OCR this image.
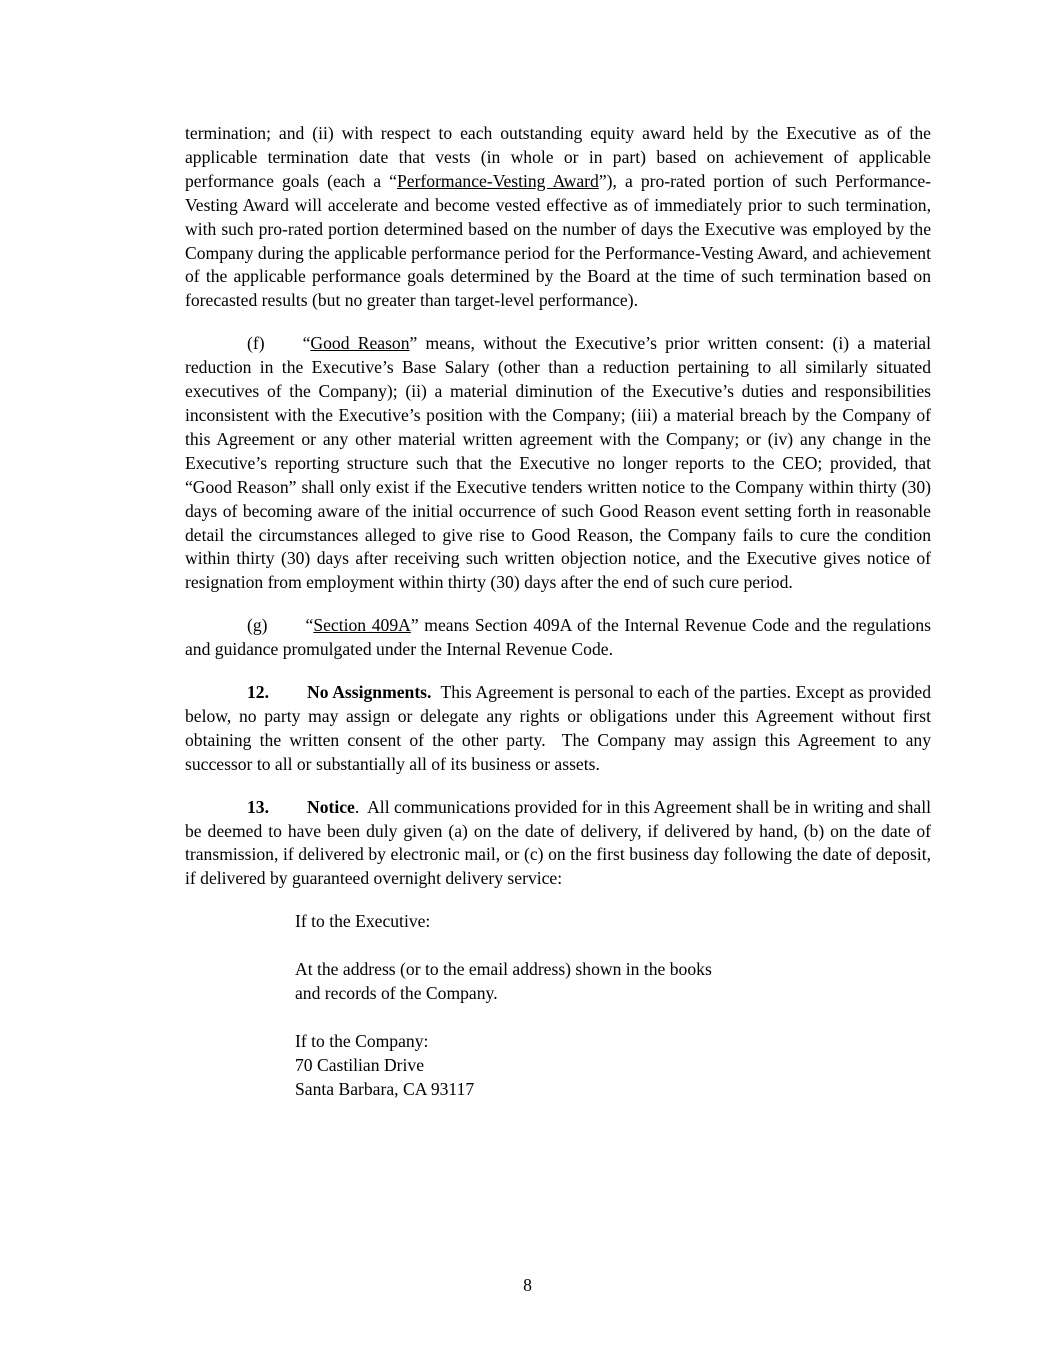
termination; and (ii) with respect to each outstanding equity award held by the Executive as of the applicable termination date that vests (in whole or in part) based on achievement of applicable performance goals (each a “Performance-Vesting Award”), a pro-rated portion of such Performance-Vesting Award will accelerate and become vested effective as of immediately prior to such termination, with such pro-rated portion determined based on the number of days the Executive was employed by the Company during the applicable performance period for the Performance-Vesting Award, and achievement of the applicable performance goals determined by the Board at the time of such termination based on forecasted results (but no greater than target-level performance).

(f) “Good Reason” means, without the Executive’s prior written consent: (i) a material reduction in the Executive’s Base Salary (other than a reduction pertaining to all similarly situated executives of the Company); (ii) a material diminution of the Executive’s duties and responsibilities inconsistent with the Executive’s position with the Company; (iii) a material breach by the Company of this Agreement or any other material written agreement with the Company; or (iv) any change in the Executive’s reporting structure such that the Executive no longer reports to the CEO; provided, that “Good Reason” shall only exist if the Executive tenders written notice to the Company within thirty (30) days of becoming aware of the initial occurrence of such Good Reason event setting forth in reasonable detail the circumstances alleged to give rise to Good Reason, the Company fails to cure the condition within thirty (30) days after receiving such written objection notice, and the Executive gives notice of resignation from employment within thirty (30) days after the end of such cure period.

(g) “Section 409A” means Section 409A of the Internal Revenue Code and the regulations and guidance promulgated under the Internal Revenue Code.

12. No Assignments.  This Agreement is personal to each of the parties. Except as provided below, no party may assign or delegate any rights or obligations under this Agreement without first obtaining the written consent of the other party.  The Company may assign this Agreement to any successor to all or substantially all of its business or assets.

13. Notice.  All communications provided for in this Agreement shall be in writing and shall be deemed to have been duly given (a) on the date of delivery, if delivered by hand, (b) on the date of transmission, if delivered by electronic mail, or (c) on the first business day following the date of deposit, if delivered by guaranteed overnight delivery service:

If to the Executive:

At the address (or to the email address) shown in the books
and records of the Company.

If to the Company:
70 Castilian Drive
Santa Barbara, CA 93117

8
